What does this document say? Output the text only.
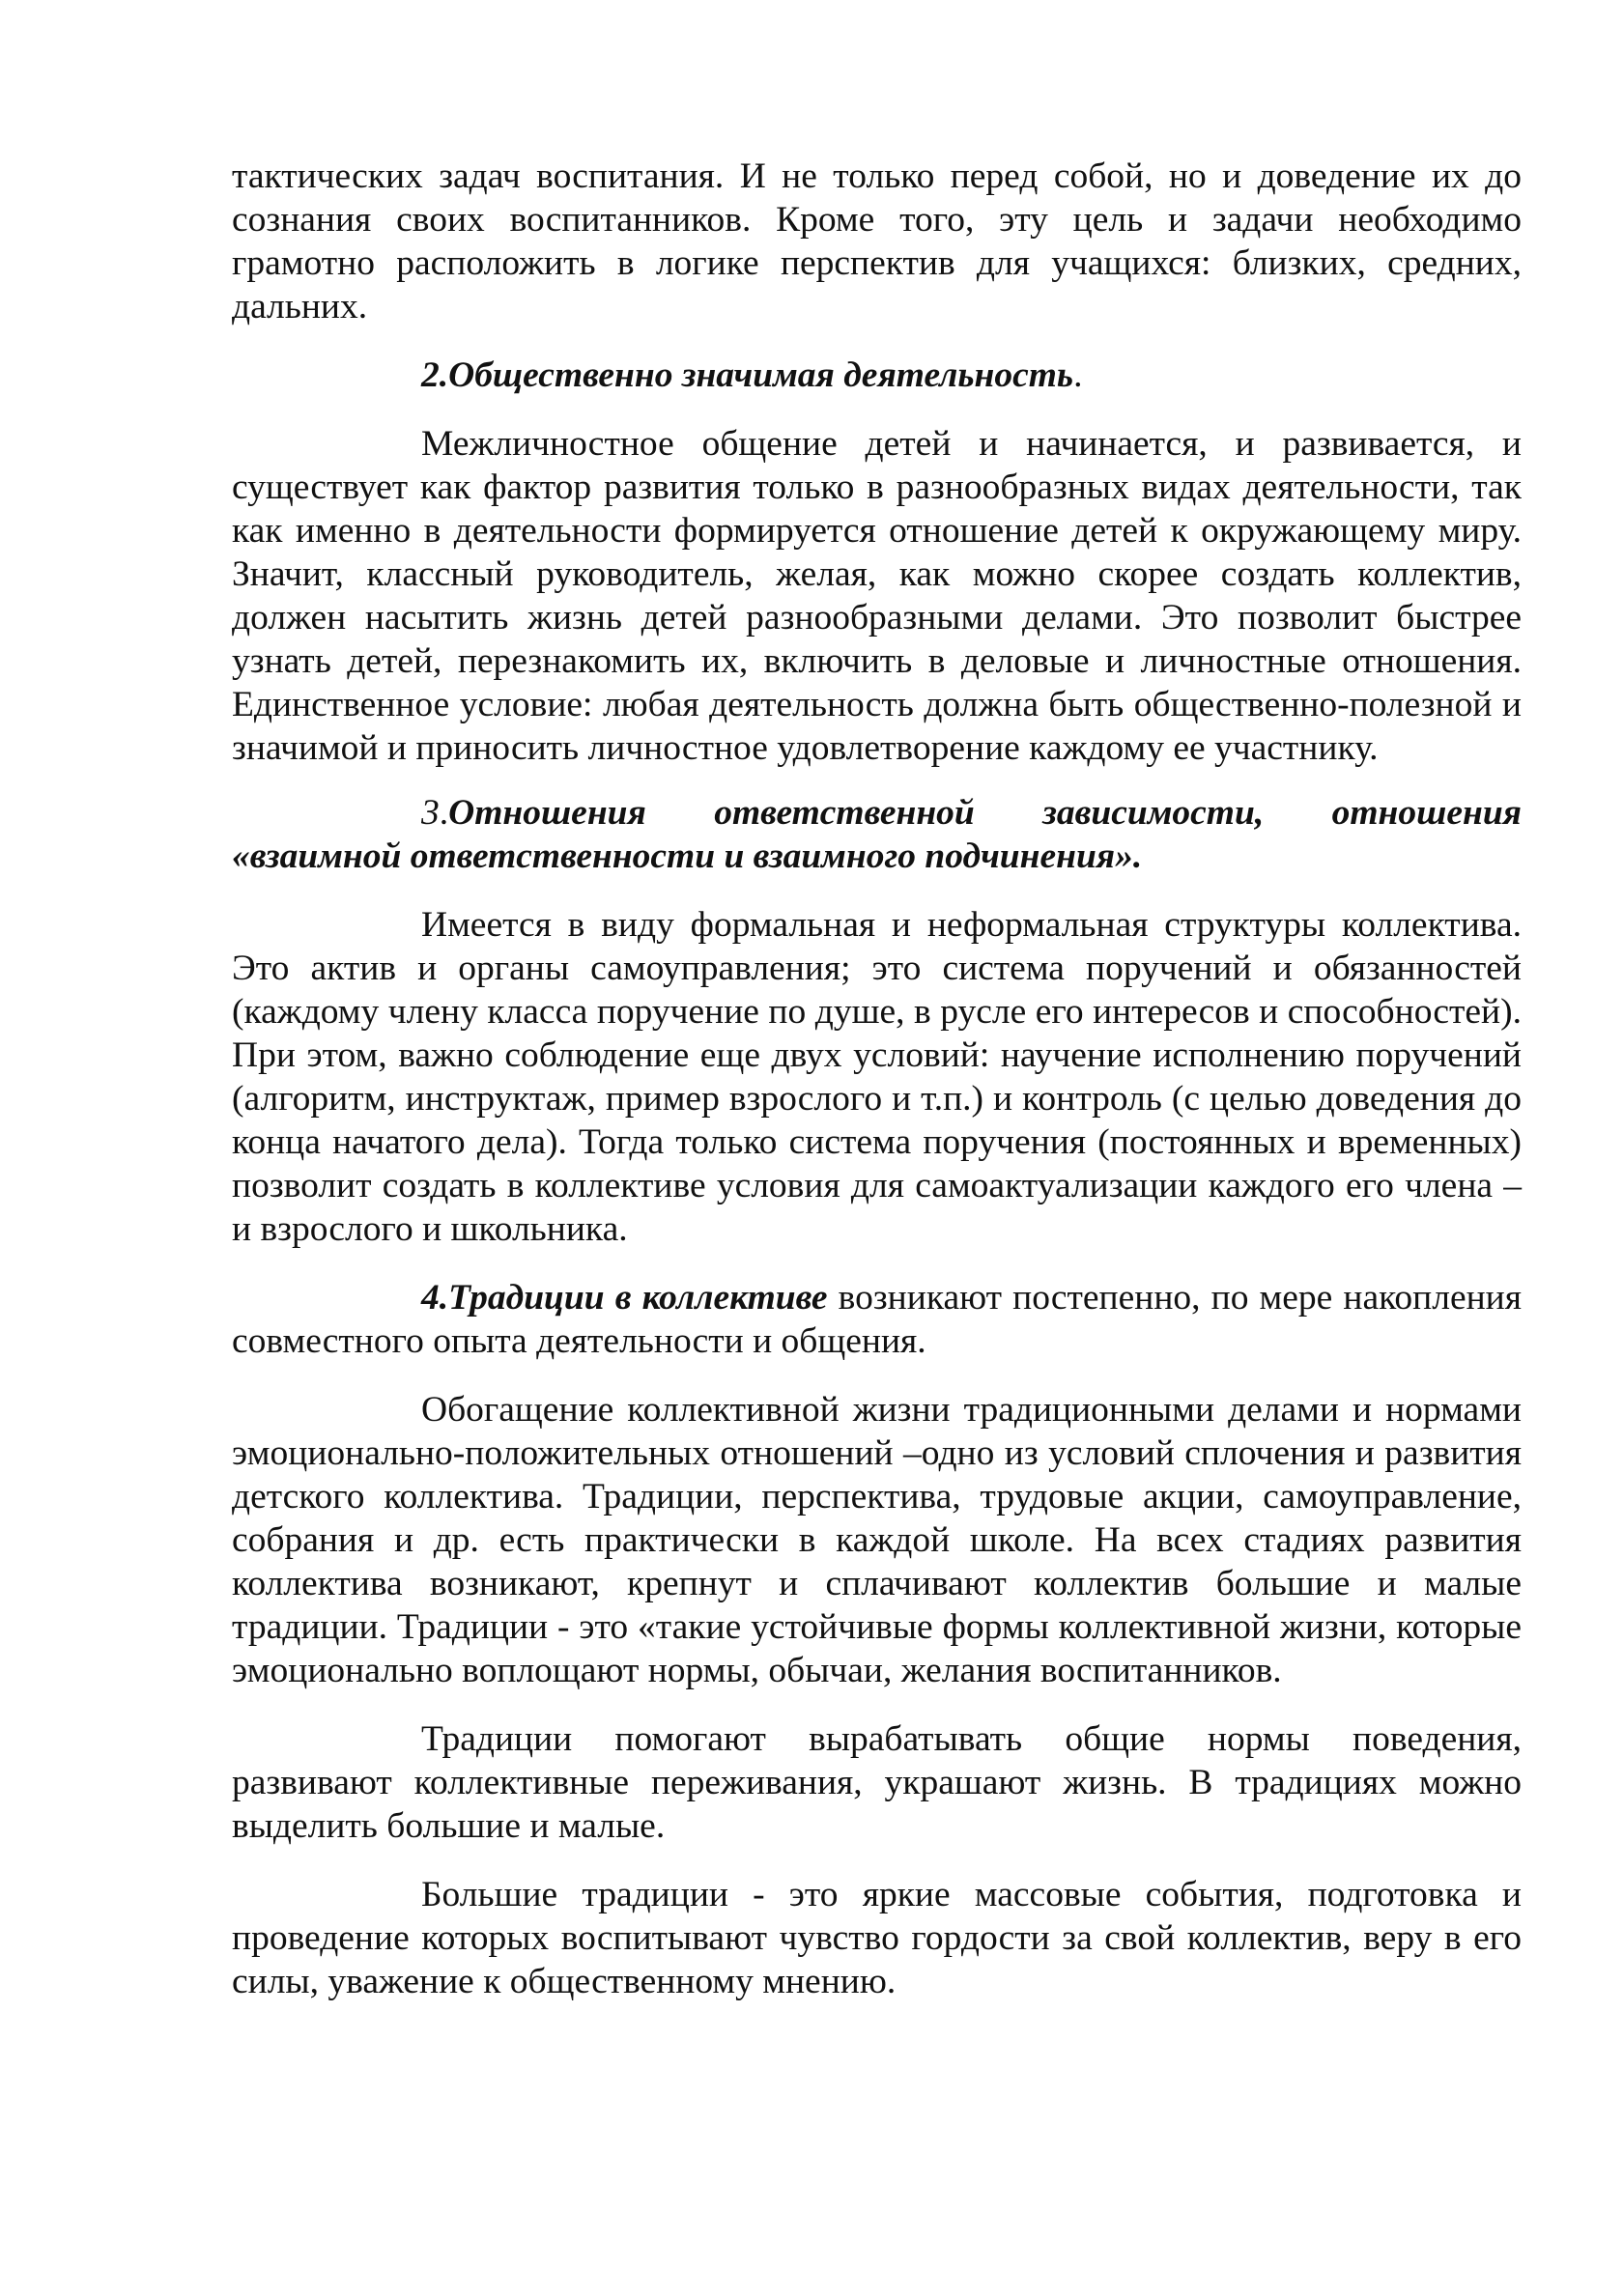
тактических задач воспитания. И не только перед собой, но и доведение их до сознания своих воспитанников. Кроме того, эту цель и задачи необходимо грамотно расположить в логике перспектив для учащихся: близких, средних, дальних.

2.Общественно значимая деятельность.

Межличностное общение детей и начинается, и развивается, и существует как фактор развития только в разнообразных видах деятельности, так как именно в деятельности формируется отношение детей к окружающему миру. Значит, классный руководитель, желая, как можно скорее создать коллектив, должен насытить жизнь детей разнообразными делами. Это позволит быстрее узнать детей, перезнакомить их, включить в деловые и личностные отношения. Единственное условие: любая деятельность должна быть общественно-полезной и значимой и приносить личностное удовлетворение каждому ее участнику.

3.Отношения ответственной зависимости, отношения «взаимной ответственности и взаимного подчинения».

Имеется в виду формальная и неформальная структуры коллектива. Это актив и органы самоуправления; это система поручений и обязанностей (каждому члену класса поручение по душе, в русле его интересов и способностей). При этом, важно соблюдение еще двух условий: научение исполнению поручений (алгоритм, инструктаж, пример взрослого и т.п.) и контроль (с целью доведения до конца начатого дела). Тогда только система поручения (постоянных и временных) позволит создать в коллективе условия для самоактуализации каждого его члена – и взрослого и школьника.

4.Традиции в коллективе возникают постепенно, по мере накопления совместного опыта деятельности и общения.

Обогащение коллективной жизни традиционными делами и нормами эмоционально-положительных отношений –одно из условий сплочения и развития детского коллектива. Традиции, перспектива, трудовые акции, самоуправление, собрания и др. есть практически в каждой школе. На всех стадиях развития коллектива возникают, крепнут и сплачивают коллектив большие и малые традиции. Традиции - это «такие устойчивые формы коллективной жизни, которые эмоционально воплощают нормы, обычаи, желания воспитанников.

Традиции помогают вырабатывать общие нормы поведения, развивают коллективные переживания, украшают жизнь. В традициях можно выделить большие и малые.

Большие традиции - это яркие массовые события, подготовка и проведение которых воспитывают чувство гордости за свой коллектив, веру в его силы, уважение к общественному мнению.
